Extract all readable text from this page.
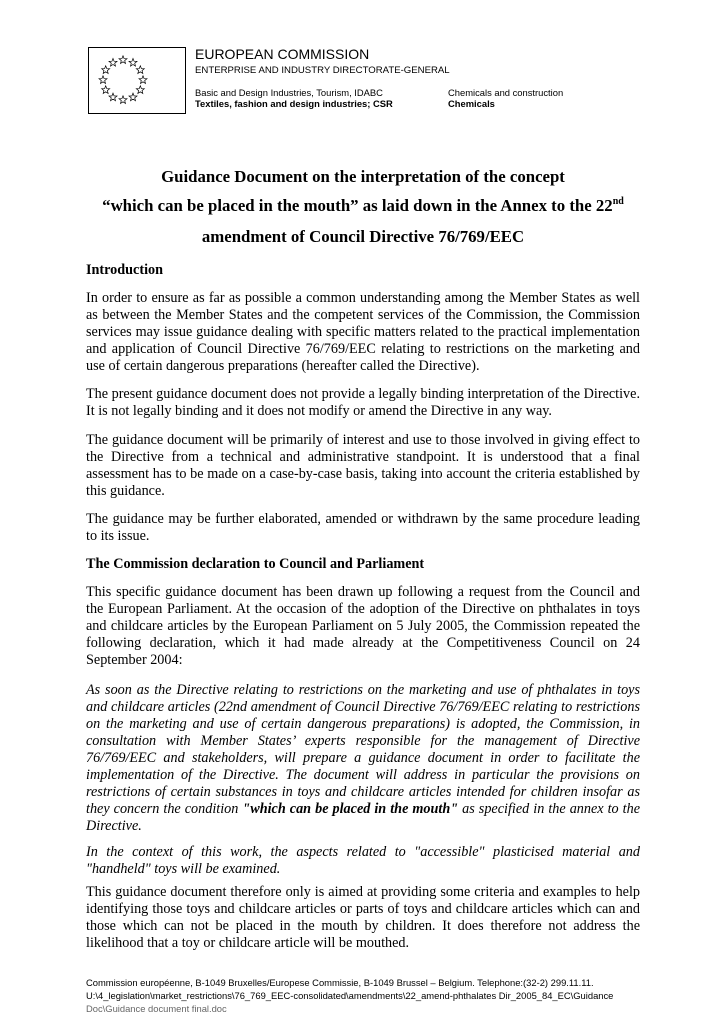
EUROPEAN COMMISSION
ENTERPRISE AND INDUSTRY DIRECTORATE-GENERAL
Basic and Design Industries, Tourism, IDABC
Textiles, fashion and design industries; CSR
Chemicals and construction
Chemicals
Guidance Document on the interpretation of the concept
“which can be placed in the mouth” as laid down in the Annex to the 22nd
amendment of Council Directive 76/769/EEC
Introduction

In order to ensure as far as possible a common understanding among the Member States as well as between the Member States and the competent services of the Commission, the Commission services may issue guidance dealing with specific matters related to the practical implementation and application of Council Directive 76/769/EEC relating to restrictions on the marketing and use of certain dangerous preparations (hereafter called the Directive).

The present guidance document does not provide a legally binding interpretation of the Directive. It is not legally binding and it does not modify or amend the Directive in any way.

The guidance document will be primarily of interest and use to those involved in giving effect to the Directive from a technical and administrative standpoint. It is understood that a final assessment has to be made on a case-by-case basis, taking into account the criteria established by this guidance.

The guidance may be further elaborated, amended or withdrawn by the same procedure leading to its issue.

The Commission declaration to Council and Parliament

This specific guidance document has been drawn up following a request from the Council and the European Parliament. At the occasion of the adoption of the Directive on phthalates in toys and childcare articles by the European Parliament on 5 July 2005, the Commission repeated the following declaration, which it had made already at the Competitiveness Council on 24 September 2004:

As soon as the Directive relating to restrictions on the marketing and use of phthalates in toys and childcare articles (22nd amendment of Council Directive 76/769/EEC relating to restrictions on the marketing and use of certain dangerous preparations) is adopted, the Commission, in consultation with Member States’ experts responsible for the management of Directive 76/769/EEC and stakeholders, will prepare a guidance document in order to facilitate the implementation of the Directive. The document will address in particular the provisions on restrictions of certain substances in toys and childcare articles intended for children insofar as they concern the condition "which can be placed in the mouth" as specified in the annex to the Directive.

In the context of this work, the aspects related to "accessible" plasticised material and "handheld" toys will be examined.

This guidance document therefore only is aimed at providing some criteria and examples to help identifying those toys and childcare articles or parts of toys and childcare articles which can and those which can not be placed in the mouth by children. It does therefore not address the likelihood that a toy or childcare article will be mouthed.

Commission européenne, B-1049 Bruxelles/Europese Commissie, B-1049 Brussel – Belgium. Telephone:(32-2) 299.11.11.
U:\4_legislation\market_restrictions\76_769_EEC-consolidated\amendments\22_amend-phthalates Dir_2005_84_EC\Guidance
Doc\Guidance document final.doc
